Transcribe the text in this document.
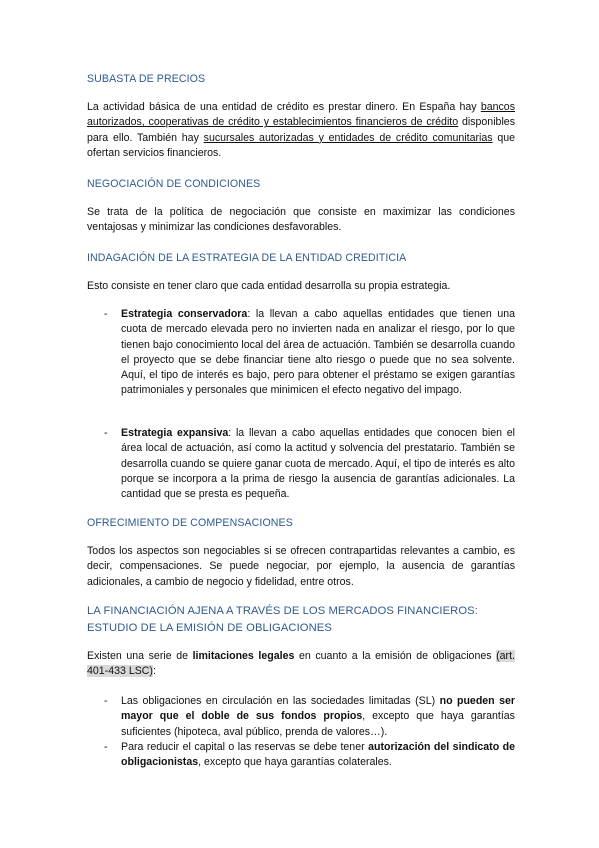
SUBASTA DE PRECIOS
La actividad básica de una entidad de crédito es prestar dinero. En España hay bancos autorizados, cooperativas de crédito y establecimientos financieros de crédito disponibles para ello. También hay sucursales autorizadas y entidades de crédito comunitarias que ofertan servicios financieros.
NEGOCIACIÓN DE CONDICIONES
Se trata de la política de negociación que consiste en maximizar las condiciones ventajosas y minimizar las condiciones desfavorables.
INDAGACIÓN DE LA ESTRATEGIA DE LA ENTIDAD CREDITICIA
Esto consiste en tener claro que cada entidad desarrolla su propia estrategia.
- Estrategia conservadora: la llevan a cabo aquellas entidades que tienen una cuota de mercado elevada pero no invierten nada en analizar el riesgo, por lo que tienen bajo conocimiento local del área de actuación. También se desarrolla cuando el proyecto que se debe financiar tiene alto riesgo o puede que no sea solvente. Aquí, el tipo de interés es bajo, pero para obtener el préstamo se exigen garantías patrimoniales y personales que minimicen el efecto negativo del impago.
- Estrategia expansiva: la llevan a cabo aquellas entidades que conocen bien el área local de actuación, así como la actitud y solvencia del prestatario. También se desarrolla cuando se quiere ganar cuota de mercado. Aquí, el tipo de interés es alto porque se incorpora a la prima de riesgo la ausencia de garantías adicionales. La cantidad que se presta es pequeña.
OFRECIMIENTO DE COMPENSACIONES
Todos los aspectos son negociables si se ofrecen contrapartidas relevantes a cambio, es decir, compensaciones. Se puede negociar, por ejemplo, la ausencia de garantías adicionales, a cambio de negocio y fidelidad, entre otros.
LA FINANCIACIÓN AJENA A TRAVÉS DE LOS MERCADOS FINANCIEROS: ESTUDIO DE LA EMISIÓN DE OBLIGACIONES
Existen una serie de limitaciones legales en cuanto a la emisión de obligaciones (art. 401-433 LSC):
- Las obligaciones en circulación en las sociedades limitadas (SL) no pueden ser mayor que el doble de sus fondos propios, excepto que haya garantías suficientes (hipoteca, aval público, prenda de valores…).
- Para reducir el capital o las reservas se debe tener autorización del sindicato de obligacionistas, excepto que haya garantías colaterales.
